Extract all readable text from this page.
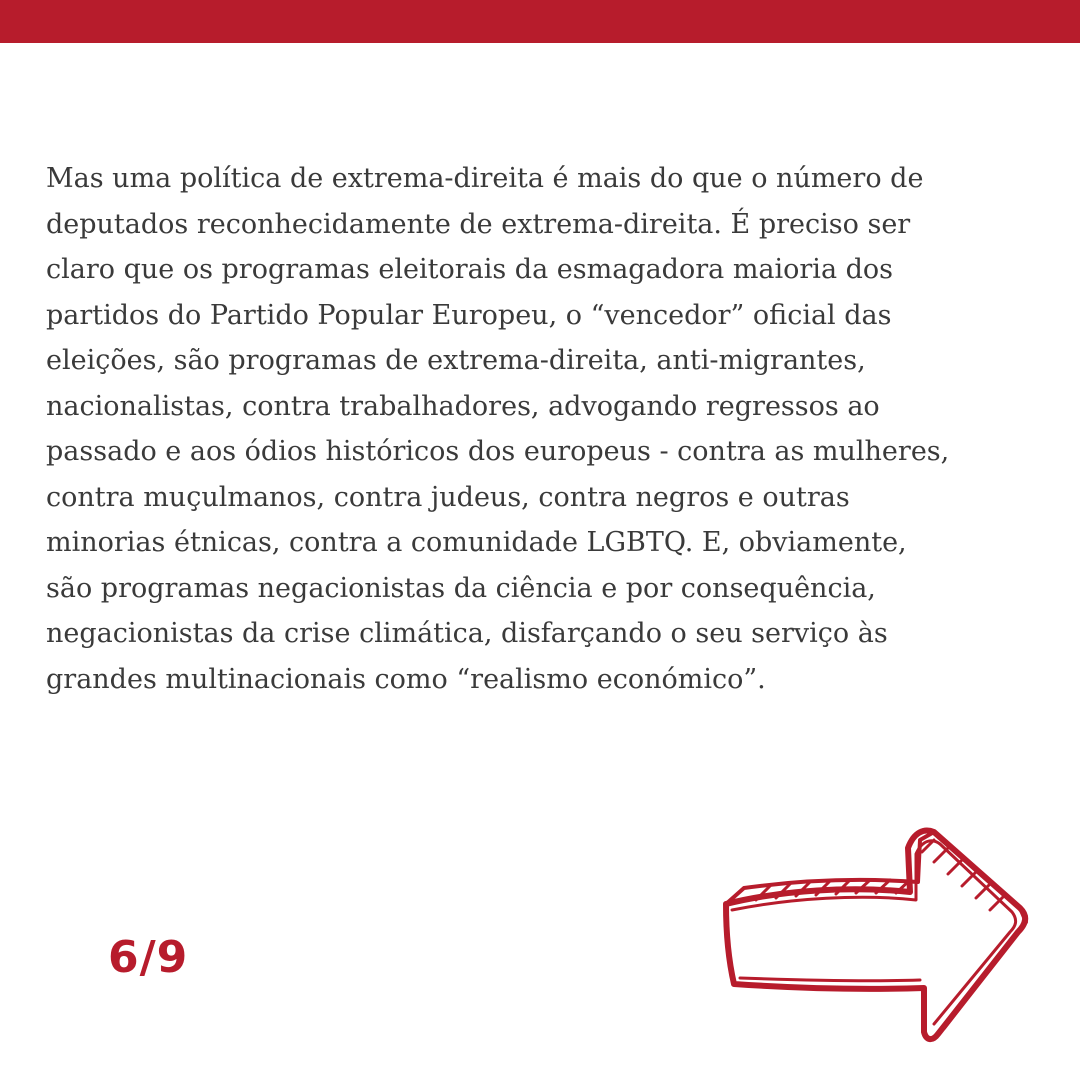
Mas uma política de extrema-direita é mais do que o número de
deputados reconhecidamente de extrema-direita. É preciso ser
claro que os programas eleitorais da esmagadora maioria dos
partidos do Partido Popular Europeu, o “vencedor” oficial das
eleições, são programas de extrema-direita, anti-migrantes,
nacionalistas, contra trabalhadores, advogando regressos ao
passado e aos ódios históricos dos europeus - contra as mulheres,
contra muçulmanos, contra judeus, contra negros e outras
minorias étnicas, contra a comunidade LGBTQ. E, obviamente,
são programas negacionistas da ciência e por consequência,
negacionistas da crise climática, disfarçando o seu serviço às
grandes multinacionais como “realismo económico”.
6/9
